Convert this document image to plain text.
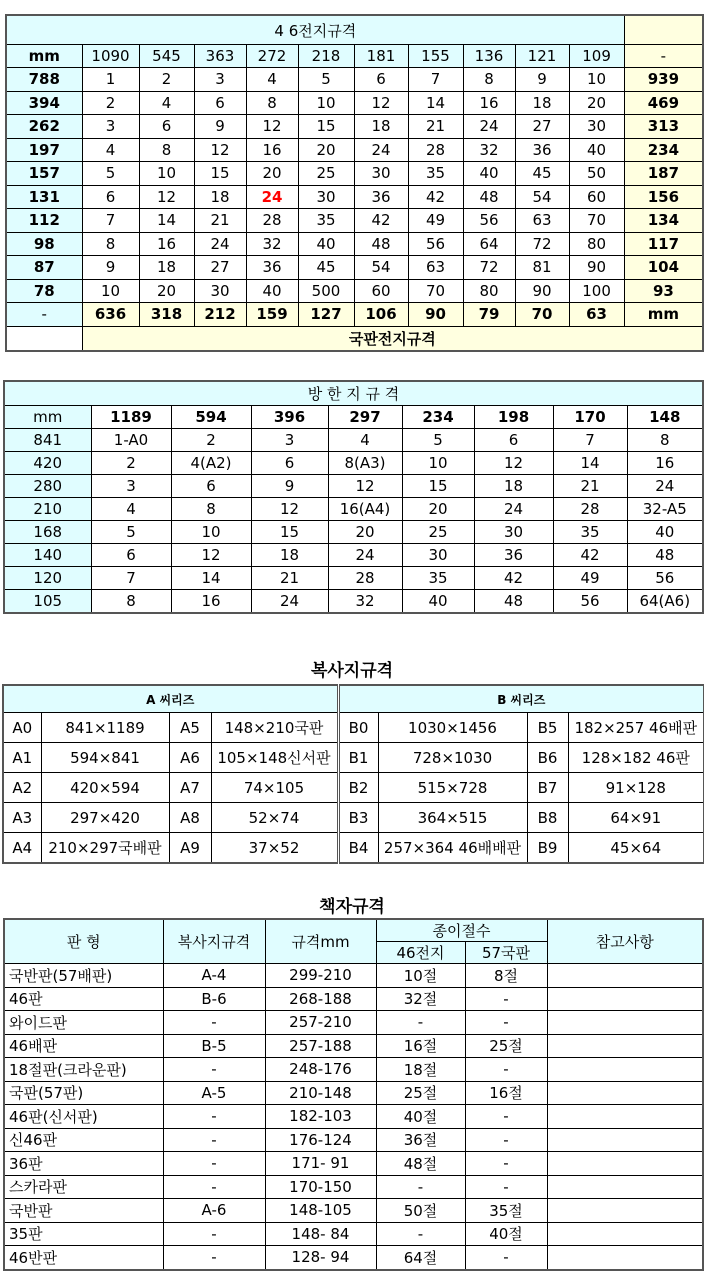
4 6전지규격											
mm	1090	545	363	272	218	181	155	136	121	109	-
788	1	2	3	4	5	6	7	8	9	10	939
394	2	4	6	8	10	12	14	16	18	20	469
262	3	6	9	12	15	18	21	24	27	30	313
197	4	8	12	16	20	24	28	32	36	40	234
157	5	10	15	20	25	30	35	40	45	50	187
131	6	12	18	24	30	36	42	48	54	60	156
112	7	14	21	28	35	42	49	56	63	70	134
98	8	16	24	32	40	48	56	64	72	80	117
87	9	18	27	36	45	54	63	72	81	90	104
78	10	20	30	40	500	60	70	80	90	100	93
-	636	318	212	159	127	106	90	79	70	63	mm
	국판전지규격										
방 한 지 규 격								
mm	1189	594	396	297	234	198	170	148
841	1-A0	2	3	4	5	6	7	8
420	2	4(A2)	6	8(A3)	10	12	14	16
280	3	6	9	12	15	18	21	24
210	4	8	12	16(A4)	20	24	28	32-A5
168	5	10	15	20	25	30	35	40
140	6	12	18	24	30	36	42	48
120	7	14	21	28	35	42	49	56
105	8	16	24	32	40	48	56	64(A6)
복사지규격
A 씨리즈				B 씨리즈			
A0	841×1189	A5	148×210국판	B0	1030×1456	B5	182×257 46배판
A1	594×841	A6	105×148신서판	B1	728×1030	B6	128×182 46판
A2	420×594	A7	74×105	B2	515×728	B7	91×128
A3	297×420	A8	52×74	B3	364×515	B8	64×91
A4	210×297국배판	A9	37×52	B4	257×364 46배배판	B9	45×64
책자규격
판 형	복사지규격	규격mm	종이절수		참고사항
			46전지	57국판	
국반판(57배판)	A-4	299-210	10절	8절	
46판	B-6	268-188	32절	-	
와이드판	-	257-210	-	-	
46배판	B-5	257-188	16절	25절	
18절판(크라운판)	-	248-176	18절	-	
국판(57판)	A-5	210-148	25절	16절	
46판(신서판)	-	182-103	40절	-	
신46판	-	176-124	36절	-	
36판	-	171- 91	48절	-	
스카라판	-	170-150	-	-	
국반판	A-6	148-105	50절	35절	
35판	-	148- 84	-	40절	
46반판	-	128- 94	64절	-	
